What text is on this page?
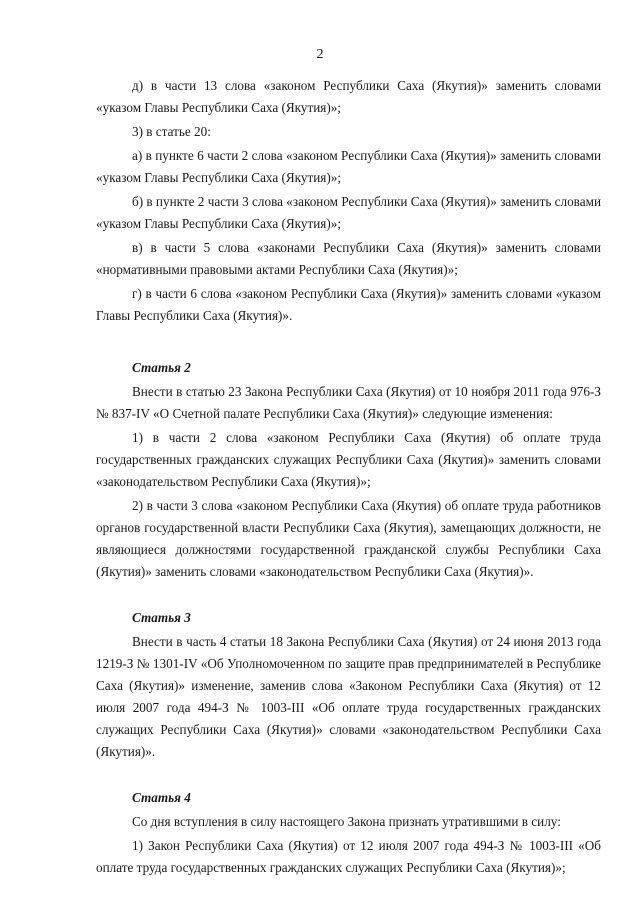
2

д) в части 13 слова «законом Республики Саха (Якутия)» заменить словами «указом Главы Республики Саха (Якутия)»;

3) в статье 20:

а) в пункте 6 части 2 слова «законом Республики Саха (Якутия)» заменить словами «указом Главы Республики Саха (Якутия)»;

б) в пункте 2 части 3 слова «законом Республики Саха (Якутия)» заменить словами «указом Главы Республики Саха (Якутия)»;

в) в части 5 слова «законами Республики Саха (Якутия)» заменить словами «нормативными правовыми актами Республики Саха (Якутия)»;

г) в части 6 слова «законом Республики Саха (Якутия)» заменить словами «указом Главы Республики Саха (Якутия)».

Статья 2

Внести в статью 23 Закона Республики Саха (Якутия) от 10 ноября 2011 года 976-З № 837-IV «О Счетной палате Республики Саха (Якутия)» следующие изменения:

1) в части 2 слова «законом Республики Саха (Якутия) об оплате труда государственных гражданских служащих Республики Саха (Якутия)» заменить словами «законодательством Республики Саха (Якутия)»;

2) в части 3 слова «законом Республики Саха (Якутия) об оплате труда работников органов государственной власти Республики Саха (Якутия), замещающих должности, не являющиеся должностями государственной гражданской службы Республики Саха (Якутия)» заменить словами «законодательством Республики Саха (Якутия)».

Статья 3

Внести в часть 4 статьи 18 Закона Республики Саха (Якутия) от 24 июня 2013 года 1219-З № 1301-IV «Об Уполномоченном по защите прав предпринимателей в Республике Саха (Якутия)» изменение, заменив слова «Законом Республики Саха (Якутия) от 12 июля 2007 года 494-З № 1003-III «Об оплате труда государственных гражданских служащих Республики Саха (Якутия)» словами «законодательством Республики Саха (Якутия)».

Статья 4

Со дня вступления в силу настоящего Закона признать утратившими в силу:

1) Закон Республики Саха (Якутия) от 12 июля 2007 года 494-З № 1003-III «Об оплате труда государственных гражданских служащих Республики Саха (Якутия)»;
